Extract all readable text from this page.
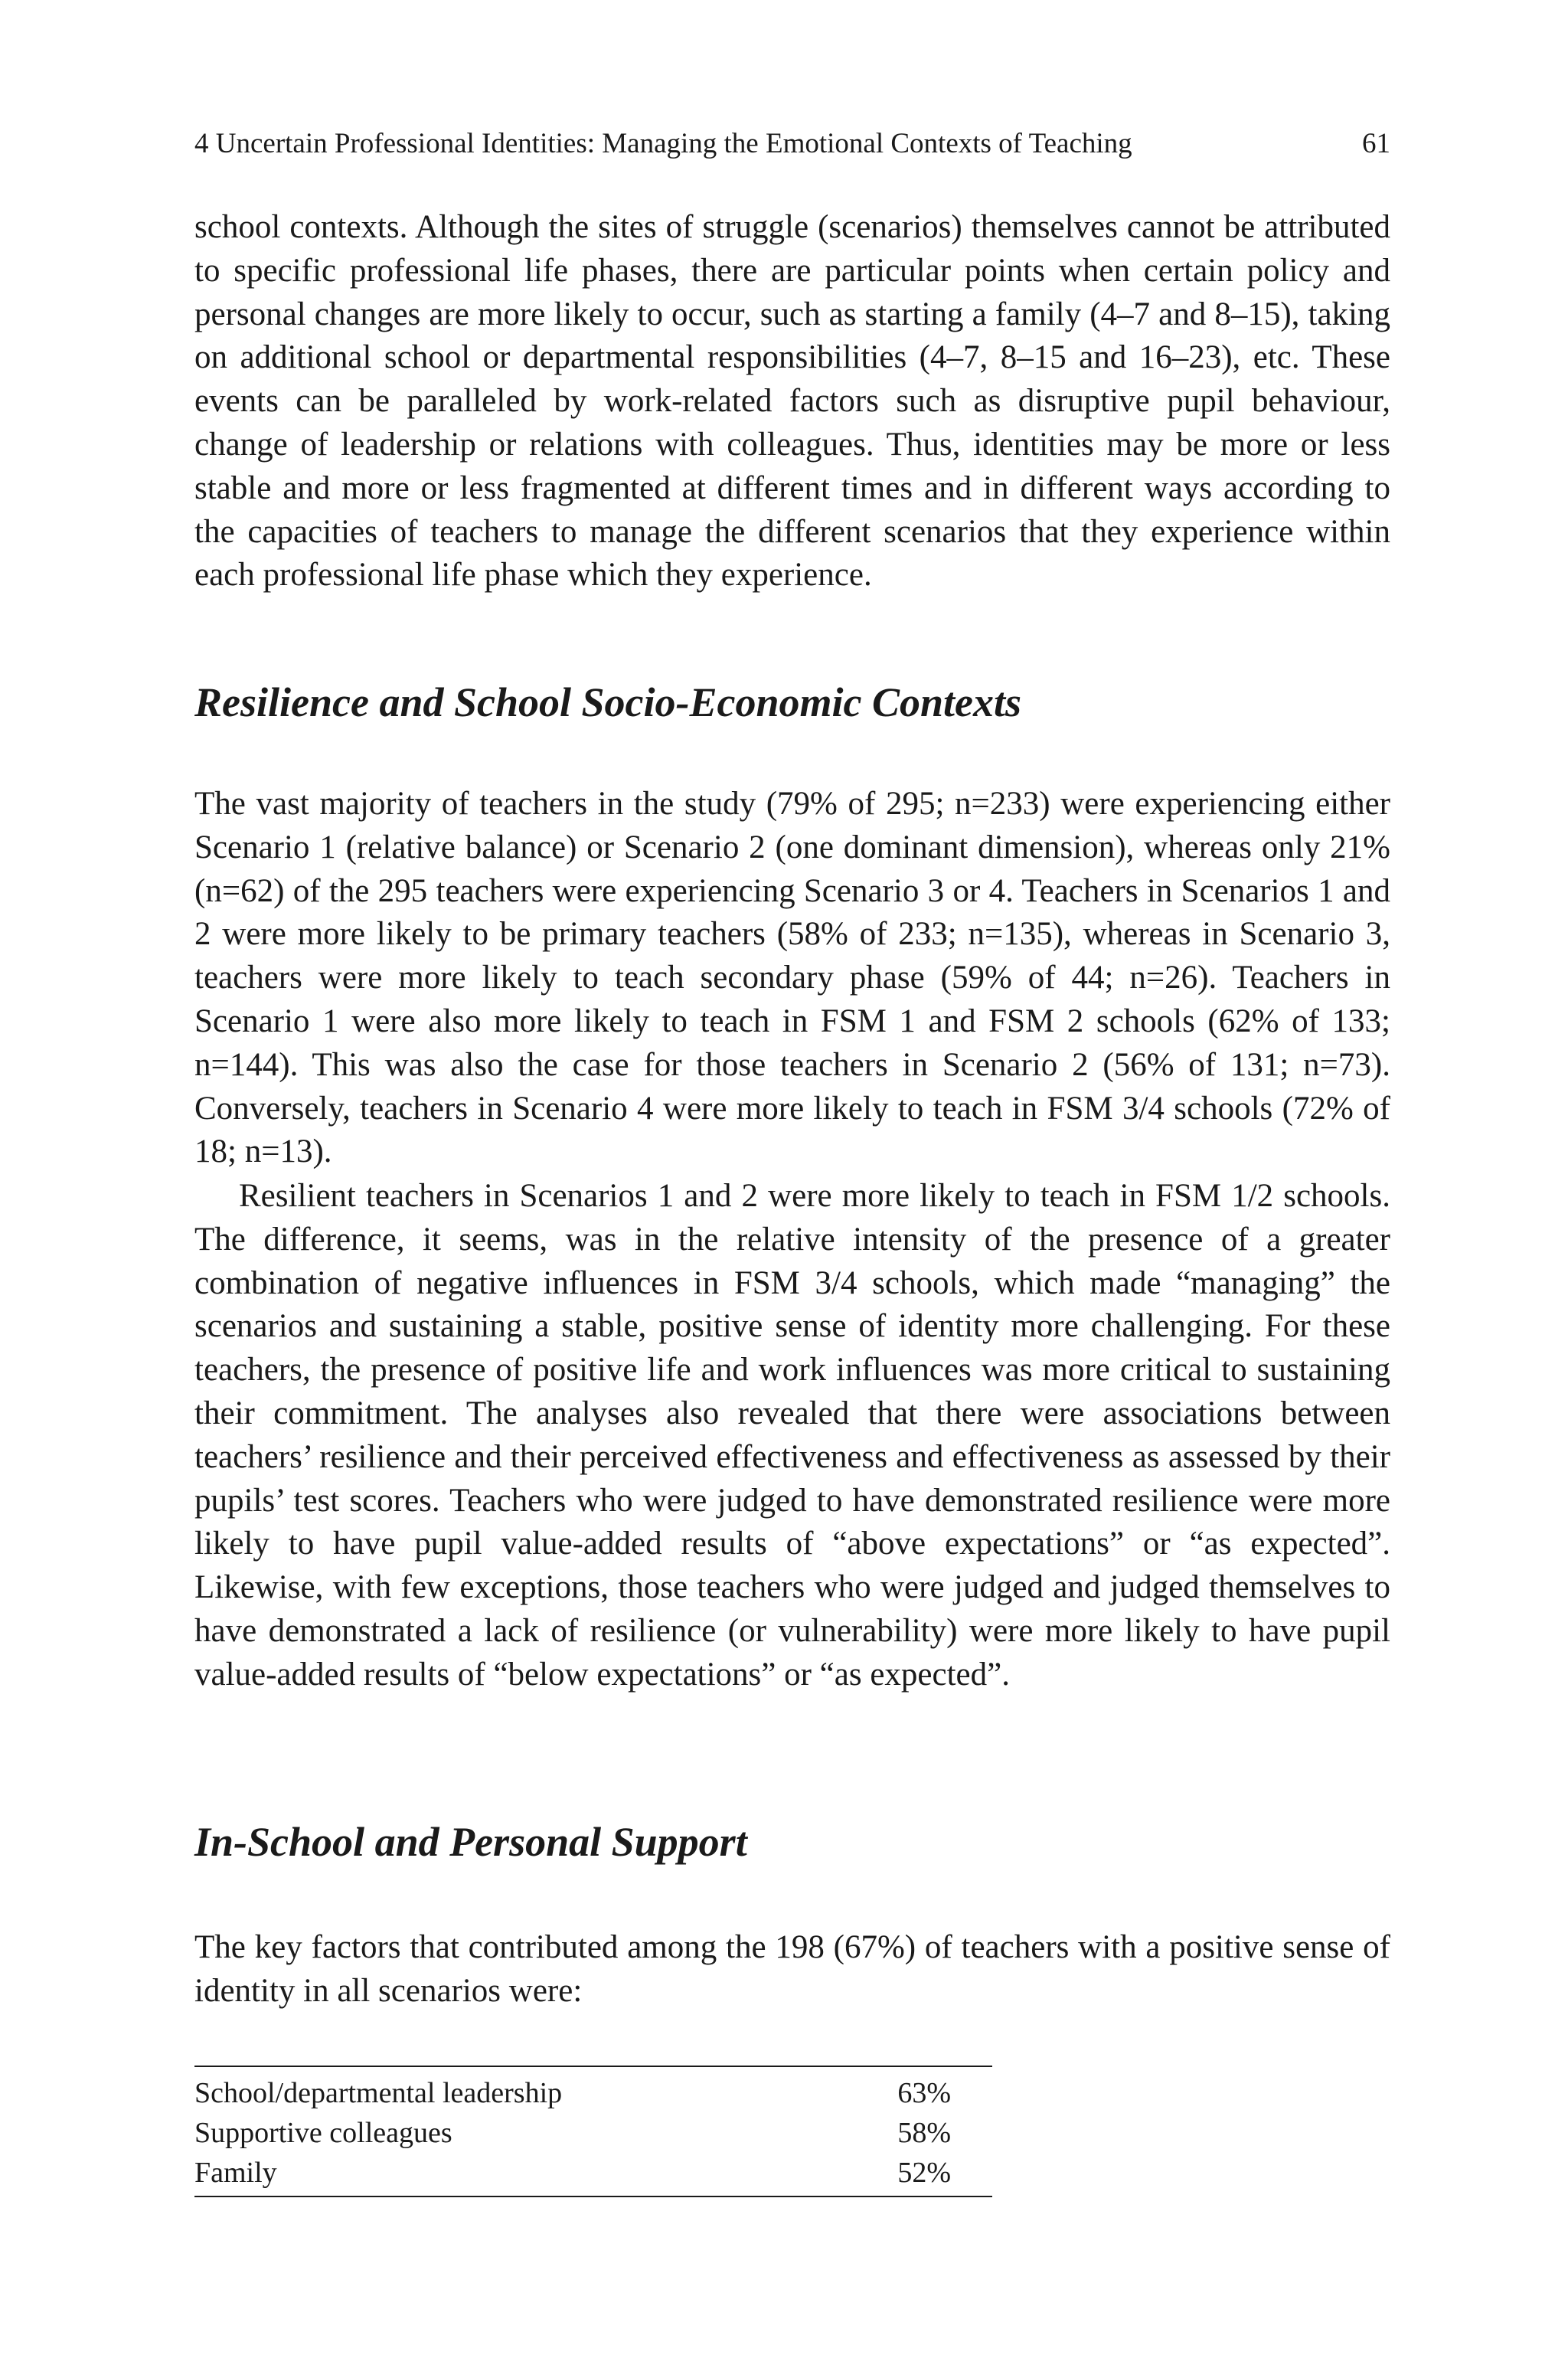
4 Uncertain Professional Identities: Managing the Emotional Contexts of Teaching	61

school contexts. Although the sites of struggle (scenarios) themselves cannot be attributed to specific professional life phases, there are particular points when certain policy and personal changes are more likely to occur, such as starting a family (4–7 and 8–15), taking on additional school or departmental responsibilities (4–7, 8–15 and 16–23), etc. These events can be paralleled by work-related factors such as disruptive pupil behaviour, change of leadership or relations with colleagues. Thus, identities may be more or less stable and more or less fragmented at different times and in different ways according to the capacities of teachers to manage the different scenarios that they experience within each professional life phase which they experience.

Resilience and School Socio-Economic Contexts

The vast majority of teachers in the study (79% of 295; n=233) were experiencing either Scenario 1 (relative balance) or Scenario 2 (one dominant dimension), whereas only 21% (n=62) of the 295 teachers were experiencing Scenario 3 or 4. Teachers in Scenarios 1 and 2 were more likely to be primary teachers (58% of 233; n=135), whereas in Scenario 3, teachers were more likely to teach secondary phase (59% of 44; n=26). Teachers in Scenario 1 were also more likely to teach in FSM 1 and FSM 2 schools (62% of 133; n=144). This was also the case for those teachers in Scenario 2 (56% of 131; n=73). Conversely, teachers in Scenario 4 were more likely to teach in FSM 3/4 schools (72% of 18; n=13).

Resilient teachers in Scenarios 1 and 2 were more likely to teach in FSM 1/2 schools. The difference, it seems, was in the relative intensity of the presence of a greater combination of negative influences in FSM 3/4 schools, which made “managing” the scenarios and sustaining a stable, positive sense of identity more challenging. For these teachers, the presence of positive life and work influences was more critical to sustaining their commitment. The analyses also revealed that there were associations between teachers’ resilience and their perceived effectiveness and effectiveness as assessed by their pupils’ test scores. Teachers who were judged to have demonstrated resilience were more likely to have pupil value-added results of “above expectations” or “as expected”. Likewise, with few exceptions, those teachers who were judged and judged themselves to have demonstrated a lack of resilience (or vulnerability) were more likely to have pupil value-added results of “below expectations” or “as expected”.

In-School and Personal Support

The key factors that contributed among the 198 (67%) of teachers with a positive sense of identity in all scenarios were:

School/departmental leadership	63%
Supportive colleagues	58%
Family	52%
